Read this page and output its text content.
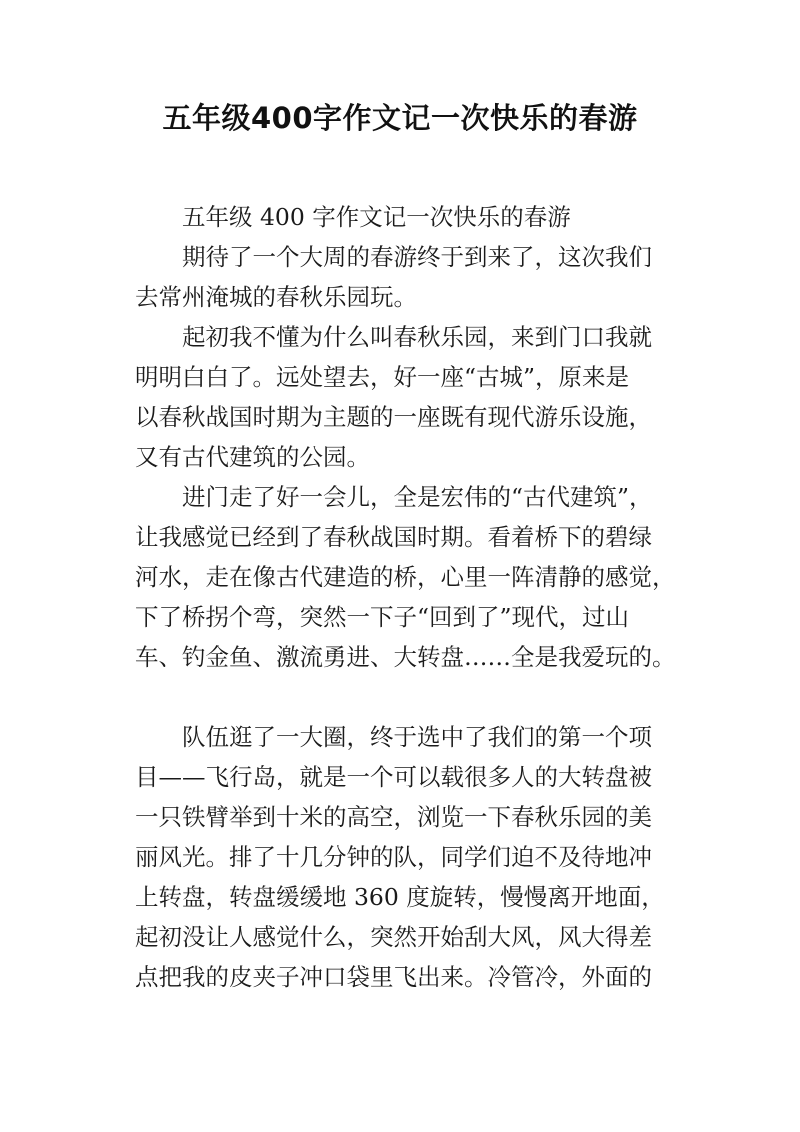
五年级400字作文记一次快乐的春游
五年级 400 字作文记一次快乐的春游
期待了一个大周的春游终于到来了，这次我们
去常州淹城的春秋乐园玩。
起初我不懂为什么叫春秋乐园，来到门口我就
明明白白了。远处望去，好一座“古城”，原来是
以春秋战国时期为主题的一座既有现代游乐设施，
又有古代建筑的公园。
进门走了好一会儿，全是宏伟的“古代建筑”，
让我感觉已经到了春秋战国时期。看着桥下的碧绿
河水，走在像古代建造的桥，心里一阵清静的感觉，
下了桥拐个弯，突然一下子“回到了”现代，过山
车、钓金鱼、激流勇进、大转盘……全是我爱玩的。
队伍逛了一大圈，终于选中了我们的第一个项
目——飞行岛，就是一个可以载很多人的大转盘被
一只铁臂举到十米的高空，浏览一下春秋乐园的美
丽风光。排了十几分钟的队，同学们迫不及待地冲
上转盘，转盘缓缓地 360 度旋转，慢慢离开地面，
起初没让人感觉什么，突然开始刮大风，风大得差
点把我的皮夹子冲口袋里飞出来。冷管冷，外面的
